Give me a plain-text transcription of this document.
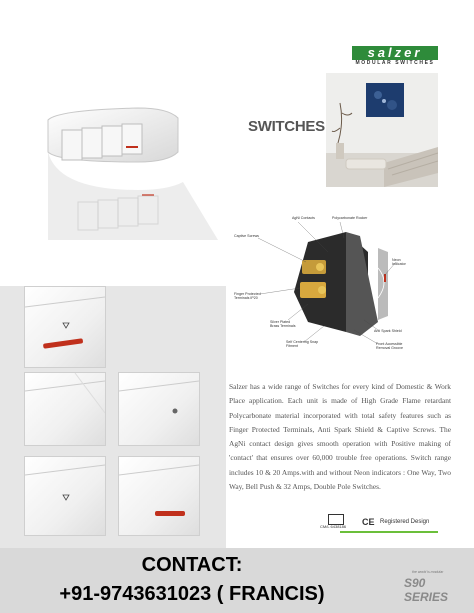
salzer
MODULAR SWITCHES
SWITCHES
AgNi Contacts	Polycarbonate Rocker
Captive Screws
Neon Indicator
Finger Protected Terminals IP20
Silver Plated Brass Terminals
Anti Spark Shield
Self Centering Snap Fitment	Front Accessible Removal Groove
Salzer has a wide range of Switches for every kind of Domestic & Work Place application. Each unit is made of High Grade Flame retardant Polycarbonate material incorporated with total safety features such as Finger Protected Terminals, Anti Spark Shield & Captive Screws. The AgNi contact design gives smooth operation with Positive making of 'contact' that ensures over 60,000 trouble free operations. Switch range includes 10 & 20 Amps.with and without Neon indicators : One Way, Two Way, Bell Push & 32 Amps, Double Pole Switches.
CM/L 6438186 CE Registered Design
CONTACT:
+91-9743631023 ( FRANCIS)
the world is modular
S90 SERIES
